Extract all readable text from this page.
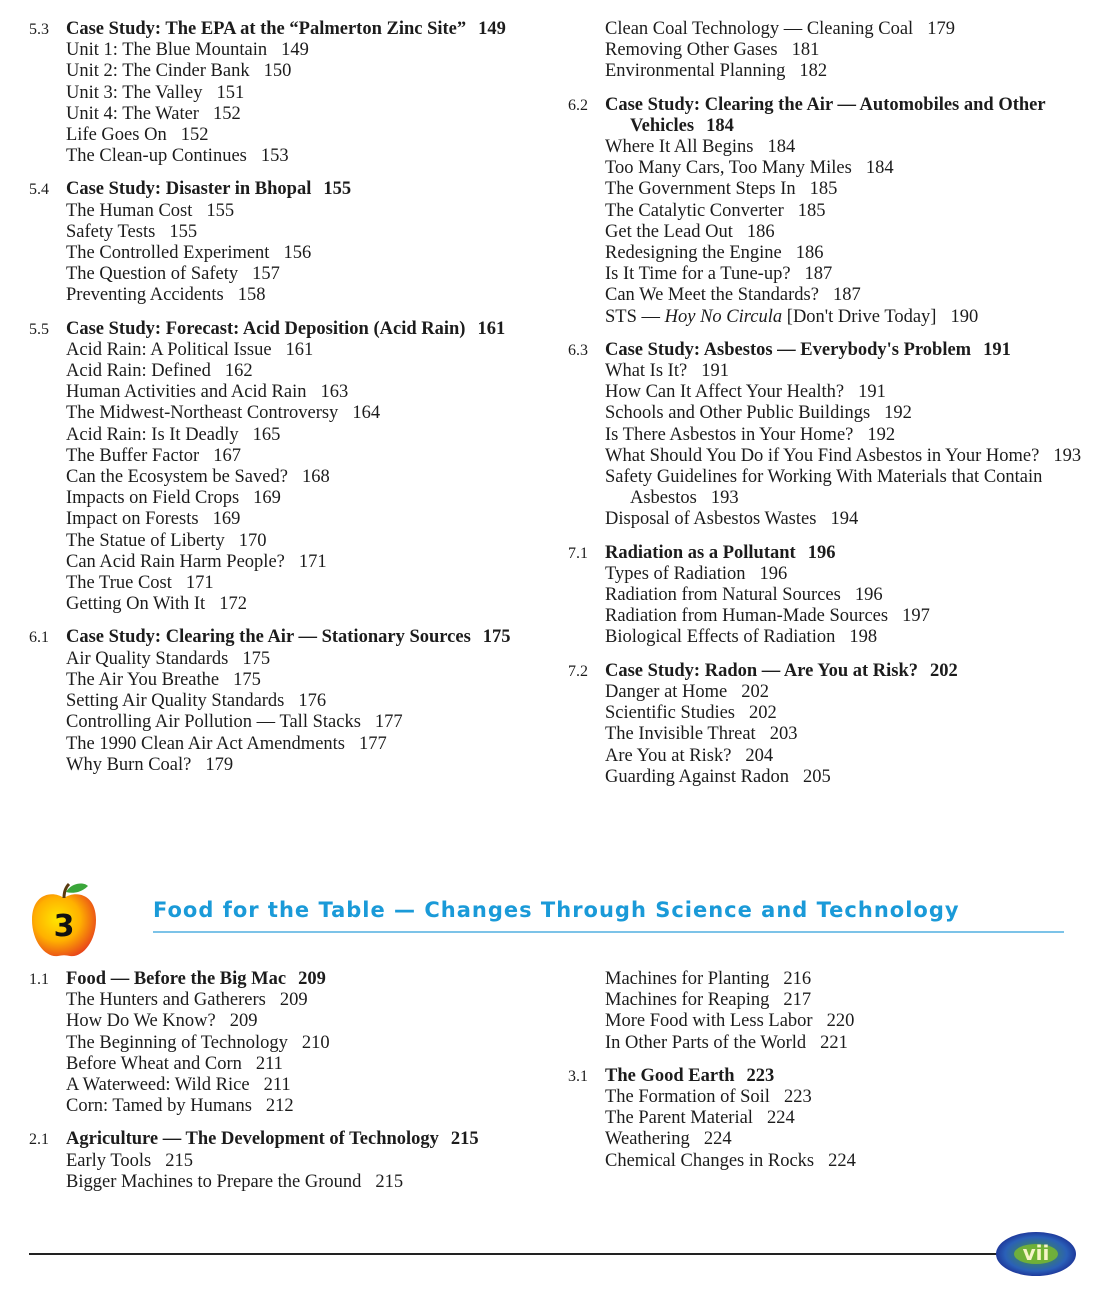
5.3 Case Study: The EPA at the “Palmerton Zinc Site” 149
Unit 1: The Blue Mountain 149
Unit 2: The Cinder Bank 150
Unit 3: The Valley 151
Unit 4: The Water 152
Life Goes On 152
The Clean-up Continues 153
5.4 Case Study: Disaster in Bhopal 155
The Human Cost 155
Safety Tests 155
The Controlled Experiment 156
The Question of Safety 157
Preventing Accidents 158
5.5 Case Study: Forecast: Acid Deposition (Acid Rain) 161
Acid Rain: A Political Issue 161
Acid Rain: Defined 162
Human Activities and Acid Rain 163
The Midwest-Northeast Controversy 164
Acid Rain: Is It Deadly 165
The Buffer Factor 167
Can the Ecosystem be Saved? 168
Impacts on Field Crops 169
Impact on Forests 169
The Statue of Liberty 170
Can Acid Rain Harm People? 171
The True Cost 171
Getting On With It 172
6.1 Case Study: Clearing the Air — Stationary Sources 175
Air Quality Standards 175
The Air You Breathe 175
Setting Air Quality Standards 176
Controlling Air Pollution — Tall Stacks 177
The 1990 Clean Air Act Amendments 177
Why Burn Coal? 179
Clean Coal Technology — Cleaning Coal 179
Removing Other Gases 181
Environmental Planning 182
6.2 Case Study: Clearing the Air — Automobiles and Other Vehicles 184
Where It All Begins 184
Too Many Cars, Too Many Miles 184
The Government Steps In 185
The Catalytic Converter 185
Get the Lead Out 186
Redesigning the Engine 186
Is It Time for a Tune-up? 187
Can We Meet the Standards? 187
STS — Hoy No Circula [Don't Drive Today] 190
6.3 Case Study: Asbestos — Everybody's Problem 191
What Is It? 191
How Can It Affect Your Health? 191
Schools and Other Public Buildings 192
Is There Asbestos in Your Home? 192
What Should You Do if You Find Asbestos in Your Home? 193
Safety Guidelines for Working With Materials that Contain Asbestos 193
Disposal of Asbestos Wastes 194
7.1 Radiation as a Pollutant 196
Types of Radiation 196
Radiation from Natural Sources 196
Radiation from Human-Made Sources 197
Biological Effects of Radiation 198
7.2 Case Study: Radon — Are You at Risk? 202
Danger at Home 202
Scientific Studies 202
The Invisible Threat 203
Are You at Risk? 204
Guarding Against Radon 205
3	Food for the Table — Changes Through Science and Technology
1.1 Food — Before the Big Mac 209
The Hunters and Gatherers 209
How Do We Know? 209
The Beginning of Technology 210
Before Wheat and Corn 211
A Waterweed: Wild Rice 211
Corn: Tamed by Humans 212
2.1 Agriculture — The Development of Technology 215
Early Tools 215
Bigger Machines to Prepare the Ground 215
Machines for Planting 216
Machines for Reaping 217
More Food with Less Labor 220
In Other Parts of the World 221
3.1 The Good Earth 223
The Formation of Soil 223
The Parent Material 224
Weathering 224
Chemical Changes in Rocks 224
vii
